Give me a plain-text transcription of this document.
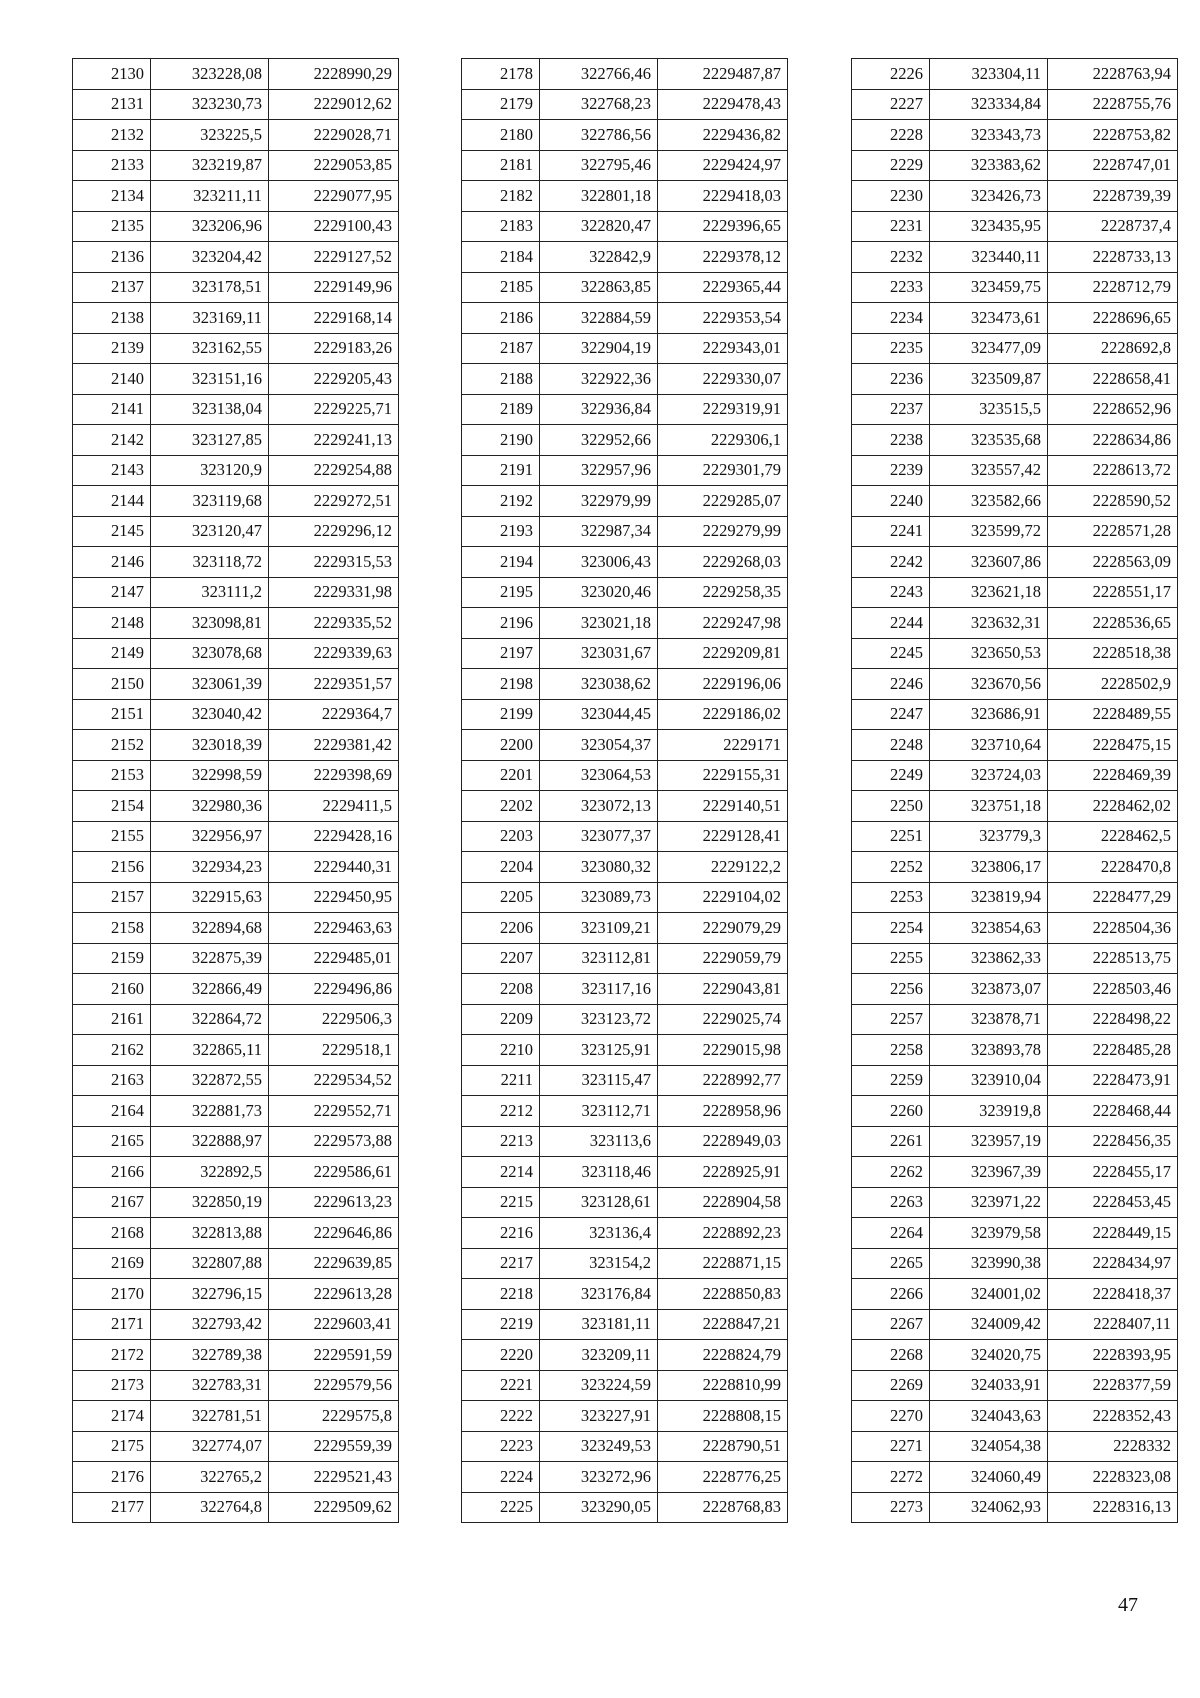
2130	323228,08	2228990,29
2131	323230,73	2229012,62
2132	323225,5	2229028,71
2133	323219,87	2229053,85
2134	323211,11	2229077,95
2135	323206,96	2229100,43
2136	323204,42	2229127,52
2137	323178,51	2229149,96
2138	323169,11	2229168,14
2139	323162,55	2229183,26
2140	323151,16	2229205,43
2141	323138,04	2229225,71
2142	323127,85	2229241,13
2143	323120,9	2229254,88
2144	323119,68	2229272,51
2145	323120,47	2229296,12
2146	323118,72	2229315,53
2147	323111,2	2229331,98
2148	323098,81	2229335,52
2149	323078,68	2229339,63
2150	323061,39	2229351,57
2151	323040,42	2229364,7
2152	323018,39	2229381,42
2153	322998,59	2229398,69
2154	322980,36	2229411,5
2155	322956,97	2229428,16
2156	322934,23	2229440,31
2157	322915,63	2229450,95
2158	322894,68	2229463,63
2159	322875,39	2229485,01
2160	322866,49	2229496,86
2161	322864,72	2229506,3
2162	322865,11	2229518,1
2163	322872,55	2229534,52
2164	322881,73	2229552,71
2165	322888,97	2229573,88
2166	322892,5	2229586,61
2167	322850,19	2229613,23
2168	322813,88	2229646,86
2169	322807,88	2229639,85
2170	322796,15	2229613,28
2171	322793,42	2229603,41
2172	322789,38	2229591,59
2173	322783,31	2229579,56
2174	322781,51	2229575,8
2175	322774,07	2229559,39
2176	322765,2	2229521,43
2177	322764,8	2229509,62
2178	322766,46	2229487,87
2179	322768,23	2229478,43
2180	322786,56	2229436,82
2181	322795,46	2229424,97
2182	322801,18	2229418,03
2183	322820,47	2229396,65
2184	322842,9	2229378,12
2185	322863,85	2229365,44
2186	322884,59	2229353,54
2187	322904,19	2229343,01
2188	322922,36	2229330,07
2189	322936,84	2229319,91
2190	322952,66	2229306,1
2191	322957,96	2229301,79
2192	322979,99	2229285,07
2193	322987,34	2229279,99
2194	323006,43	2229268,03
2195	323020,46	2229258,35
2196	323021,18	2229247,98
2197	323031,67	2229209,81
2198	323038,62	2229196,06
2199	323044,45	2229186,02
2200	323054,37	2229171
2201	323064,53	2229155,31
2202	323072,13	2229140,51
2203	323077,37	2229128,41
2204	323080,32	2229122,2
2205	323089,73	2229104,02
2206	323109,21	2229079,29
2207	323112,81	2229059,79
2208	323117,16	2229043,81
2209	323123,72	2229025,74
2210	323125,91	2229015,98
2211	323115,47	2228992,77
2212	323112,71	2228958,96
2213	323113,6	2228949,03
2214	323118,46	2228925,91
2215	323128,61	2228904,58
2216	323136,4	2228892,23
2217	323154,2	2228871,15
2218	323176,84	2228850,83
2219	323181,11	2228847,21
2220	323209,11	2228824,79
2221	323224,59	2228810,99
2222	323227,91	2228808,15
2223	323249,53	2228790,51
2224	323272,96	2228776,25
2225	323290,05	2228768,83
2226	323304,11	2228763,94
2227	323334,84	2228755,76
2228	323343,73	2228753,82
2229	323383,62	2228747,01
2230	323426,73	2228739,39
2231	323435,95	2228737,4
2232	323440,11	2228733,13
2233	323459,75	2228712,79
2234	323473,61	2228696,65
2235	323477,09	2228692,8
2236	323509,87	2228658,41
2237	323515,5	2228652,96
2238	323535,68	2228634,86
2239	323557,42	2228613,72
2240	323582,66	2228590,52
2241	323599,72	2228571,28
2242	323607,86	2228563,09
2243	323621,18	2228551,17
2244	323632,31	2228536,65
2245	323650,53	2228518,38
2246	323670,56	2228502,9
2247	323686,91	2228489,55
2248	323710,64	2228475,15
2249	323724,03	2228469,39
2250	323751,18	2228462,02
2251	323779,3	2228462,5
2252	323806,17	2228470,8
2253	323819,94	2228477,29
2254	323854,63	2228504,36
2255	323862,33	2228513,75
2256	323873,07	2228503,46
2257	323878,71	2228498,22
2258	323893,78	2228485,28
2259	323910,04	2228473,91
2260	323919,8	2228468,44
2261	323957,19	2228456,35
2262	323967,39	2228455,17
2263	323971,22	2228453,45
2264	323979,58	2228449,15
2265	323990,38	2228434,97
2266	324001,02	2228418,37
2267	324009,42	2228407,11
2268	324020,75	2228393,95
2269	324033,91	2228377,59
2270	324043,63	2228352,43
2271	324054,38	2228332
2272	324060,49	2228323,08
2273	324062,93	2228316,13
47
